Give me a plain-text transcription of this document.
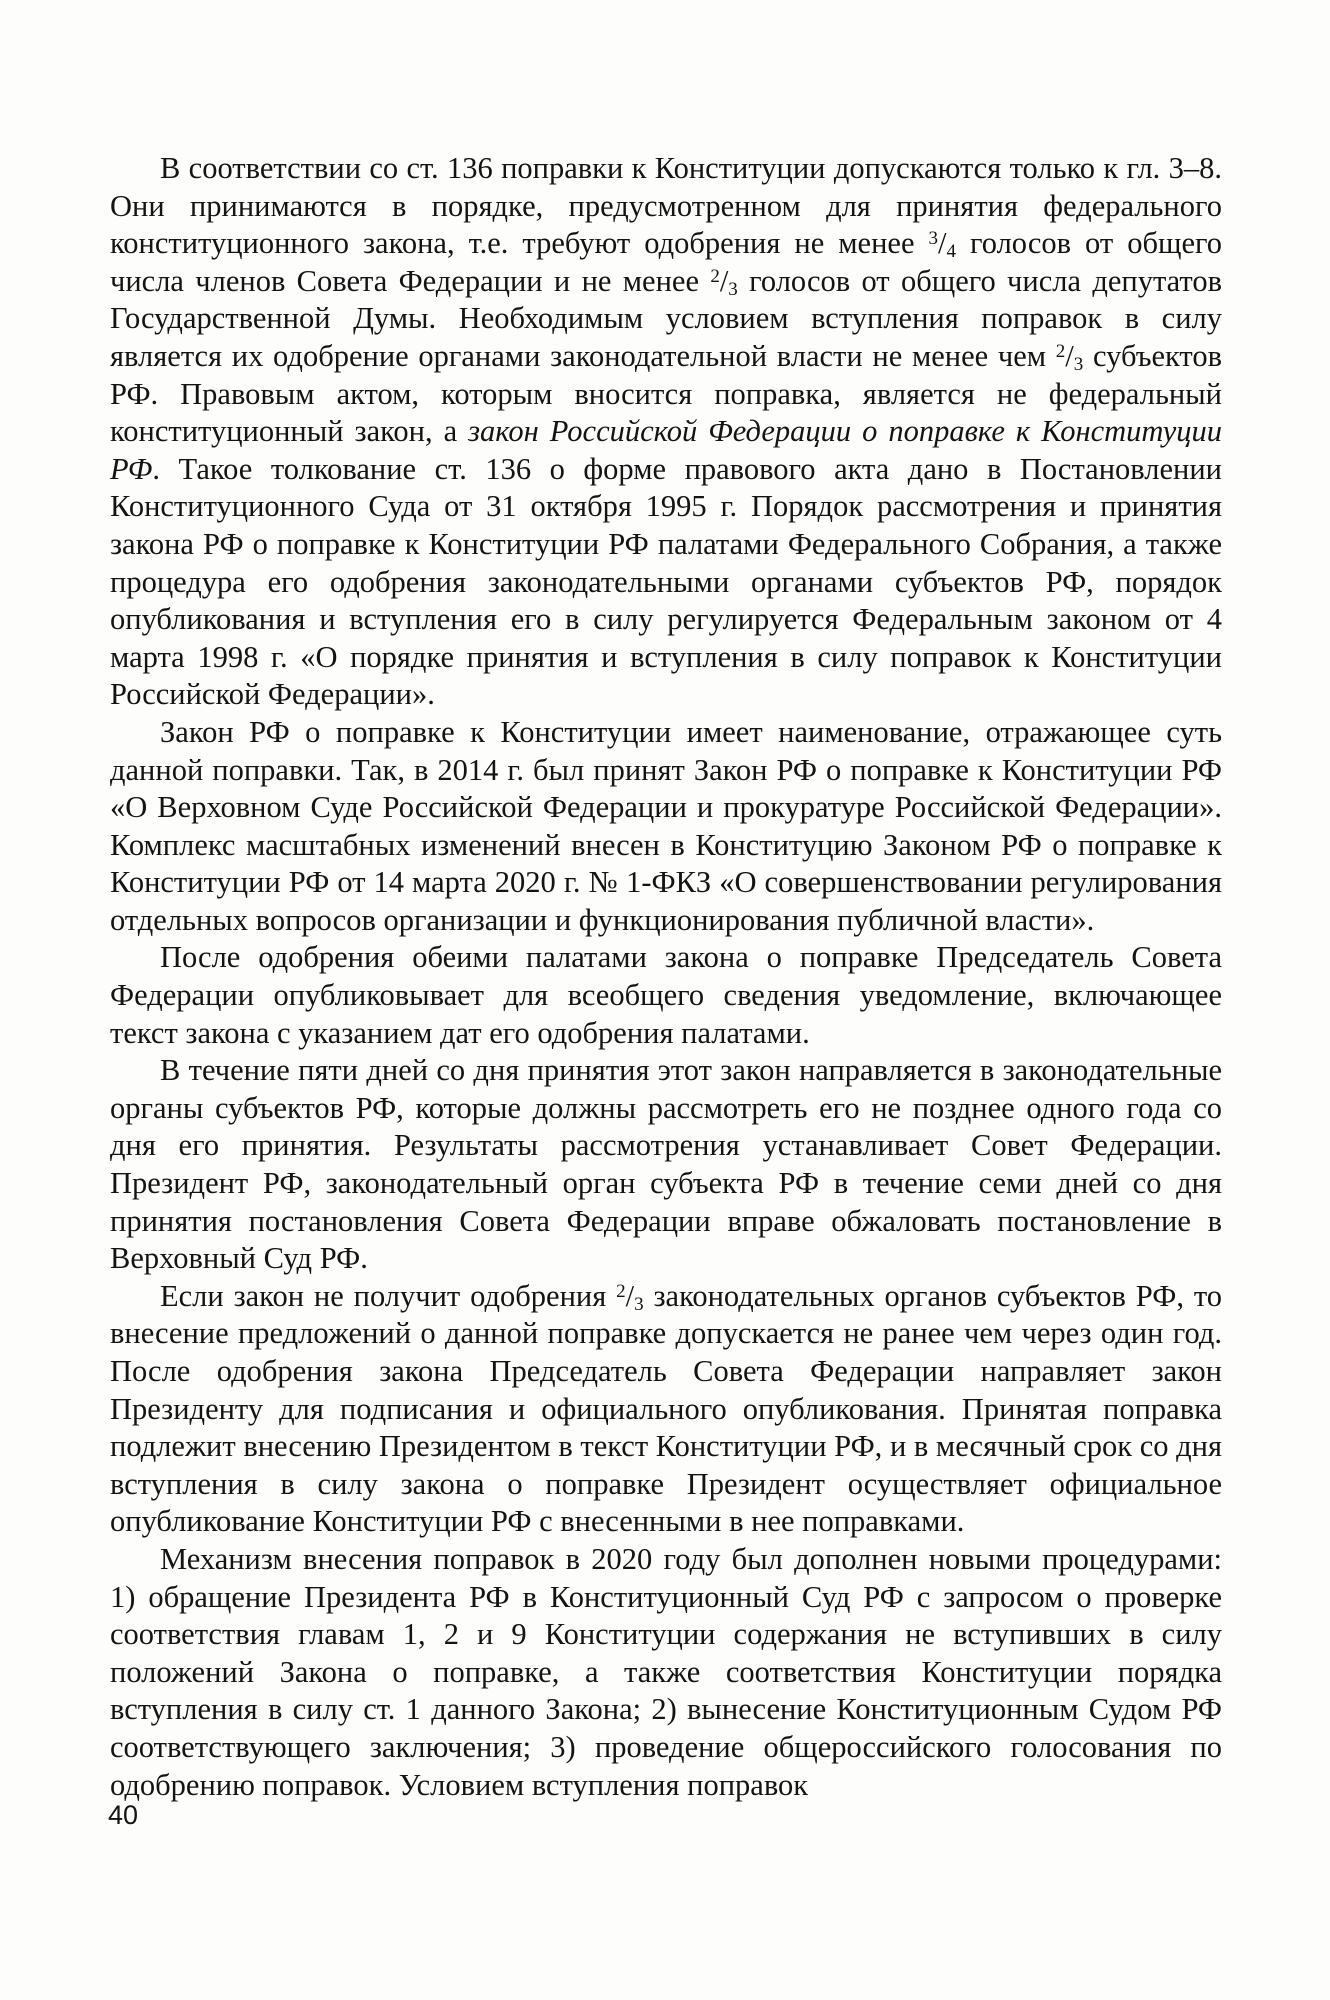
В соответствии со ст. 136 поправки к Конституции допускаются только к гл. 3–8. Они принимаются в порядке, предусмотренном для принятия федерального конституционного закона, т.е. требуют одобрения не менее $^3/_4$ голосов от общего числа членов Совета Федерации и не менее $^2/_3$ голосов от общего числа депутатов Государственной Думы. Необходимым условием вступления поправок в силу является их одобрение органами законодательной власти не менее чем $^2/_3$ субъектов РФ. Правовым актом, которым вносится поправка, является не федеральный конституционный закон, а закон Российской Федерации о поправке к Конституции РФ. Такое толкование ст. 136 о форме правового акта дано в Постановлении Конституционного Суда от 31 октября 1995 г. Порядок рассмотрения и принятия закона РФ о поправке к Конституции РФ палатами Федерального Собрания, а также процедура его одобрения законодательными органами субъектов РФ, порядок опубликования и вступления его в силу регулируется Федеральным законом от 4 марта 1998 г. «О порядке принятия и вступления в силу поправок к Конституции Российской Федерации».

Закон РФ о поправке к Конституции имеет наименование, отражающее суть данной поправки. Так, в 2014 г. был принят Закон РФ о поправке к Конституции РФ «О Верховном Суде Российской Федерации и прокуратуре Российской Федерации». Комплекс масштабных изменений внесен в Конституцию Законом РФ о поправке к Конституции РФ от 14 марта 2020 г. № 1-ФКЗ «О совершенствовании регулирования отдельных вопросов организации и функционирования публичной власти».

После одобрения обеими палатами закона о поправке Председатель Совета Федерации опубликовывает для всеобщего сведения уведомление, включающее текст закона с указанием дат его одобрения палатами.

В течение пяти дней со дня принятия этот закон направляется в законодательные органы субъектов РФ, которые должны рассмотреть его не позднее одного года со дня его принятия. Результаты рассмотрения устанавливает Совет Федерации. Президент РФ, законодательный орган субъекта РФ в течение семи дней со дня принятия постановления Совета Федерации вправе обжаловать постановление в Верховный Суд РФ.

Если закон не получит одобрения $^2/_3$ законодательных органов субъектов РФ, то внесение предложений о данной поправке допускается не ранее чем через один год. После одобрения закона Председатель Совета Федерации направляет закон Президенту для подписания и официального опубликования. Принятая поправка подлежит внесению Президентом в текст Конституции РФ, и в месячный срок со дня вступления в силу закона о поправке Президент осуществляет официальное опубликование Конституции РФ с внесенными в нее поправками.

Механизм внесения поправок в 2020 году был дополнен новыми процедурами: 1) обращение Президента РФ в Конституционный Суд РФ с запросом о проверке соответствия главам 1, 2 и 9 Конституции содержания не вступивших в силу положений Закона о поправке, а также соответствия Конституции порядка вступления в силу ст. 1 данного Закона; 2) вынесение Конституционным Судом РФ соответствующего заключения; 3) проведение общероссийского голосования по одобрению поправок. Условием вступления поправок

40
